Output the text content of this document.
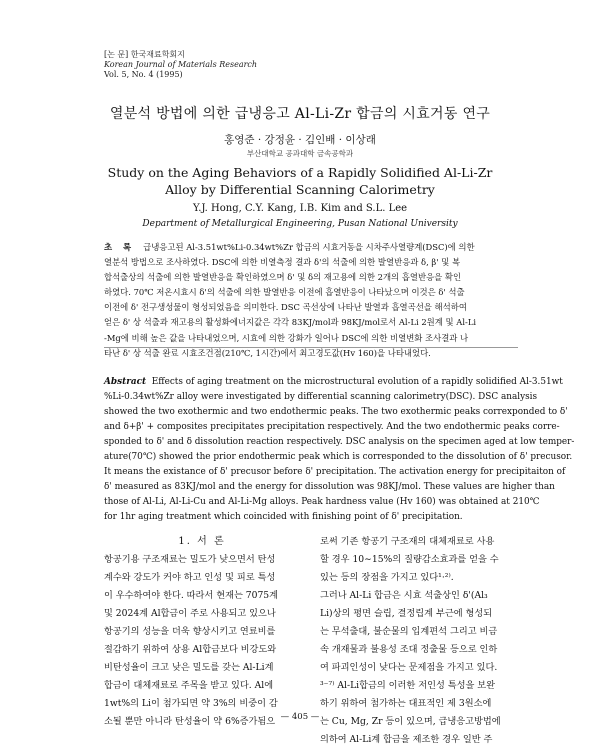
[논 문] 한국재료학회지
Korean Journal of Materials Research
Vol. 5, No. 4 (1995)
열분석 방법에 의한 급냉응고 Al-Li-Zr 합금의 시효거동 연구
홍영준 · 강정윤 · 김인배 · 이상래
부산대학교 공과대학 금속공학과
Study on the Aging Behaviors of a Rapidly Solidified Al-Li-Zr Alloy by Differential Scanning Calorimetry
Y.J. Hong, C.Y. Kang, I.B. Kim and S.L. Lee
Department of Metallurgical Engineering, Pusan National University
초 록 급냉응고된 Al-3.51wt%Li-0.34wt%Zr 합금의 시효거동을 시차주사열량계(DSC)에 의한
열분석 방법으로 조사하였다. DSC에 의한 비열측정 결과 δ'의 석출에 의한 발열반응과 δ, β' 및 복
합석출상의 석출에 의한 발열반응을 확인하였으며 δ' 및 δ의 재고용에 의한 2개의 흡열반응을 확인
하였다. 70℃ 저온시효시 δ'의 석출에 의한 발열반응 이전에 흡열반응이 나타났으며 이것은 δ' 석출
이전에 δ' 전구생성물이 형성되었음을 의미한다. DSC 곡선상에 나타난 발열과 흡열곡선을 해석하여
얻은 δ' 상 석출과 재고용의 활성화에너지값은 각각 83KJ/mol과 98KJ/mol로서 Al-Li 2원계 및 Al-Li
-Mg에 비해 높은 값을 나타내었으며, 시효에 의한 강화가 일어나 DSC에 의한 비열변화 조사결과 나
타난 δ' 상 석출 완료 시효조건점(210℃, 1시간)에서 최고경도값(Hv 160)을 나타내었다.
Abstract Effects of aging treatment on the microstructural evolution of a rapidly solidified Al-3.51wt
%Li-0.34wt%Zr alloy were investigated by differential scanning calorimetry(DSC). DSC analysis
showed the two exothermic and two endothermic peaks. The two exothermic peaks correxponded to δ'
and δ+β' + composites precipitates precipitation respectively. And the two endothermic peaks corre-
sponded to δ' and δ dissolution reaction respectively. DSC analysis on the specimen aged at low temper-
ature(70℃) showed the prior endothermic peak which is corresponded to the dissolution of δ' precusor.
It means the existance of δ' precusor before δ' precipitation. The activation energy for precipitaiton of
δ' measured as 83KJ/mol and the energy for dissolution was 98KJ/mol. These values are higher than
those of Al-Li, Al-Li-Cu and Al-Li-Mg alloys. Peak hardness value (Hv 160) was obtained at 210℃
for 1hr aging treatment which coincided with finishing point of δ' precipitation.
1. 서 론
항공기용 구조재료는 밀도가 낮으면서 탄성
계수와 강도가 커야 하고 인성 및 피로 특성
이 우수하여야 한다. 따라서 현재는 7075계
및 2024계 Al합금이 주로 사용되고 있으나
항공기의 성능을 더욱 향상시키고 연료비를
절감하기 위하여 상용 Al합금보다 비강도와
비탄성율이 크고 낮은 밀도를 갖는 Al-Li계
합금이 대체재료로 주목을 받고 있다. Al에
1wt%의 Li이 첨가되면 약 3%의 비중이 감
소될 뿐만 아니라 탄성율이 약 6%증가됨으
로써 기존 항공기 구조재의 대체재료로 사용
할 경우 10∼15%의 질량감소효과를 얻을 수
있는 등의 장점을 가지고 있다¹·²⁾.
그러나 Al-Li 합금은 시효 석출상인 δ'(Al₃
Li)상의 평면 슬립, 결정립계 부근에 형성되
는 무석출대, 불순물의 입계편석 그리고 비금
속 개재물과 불용성 조대 정출물 등으로 인하
여 파괴인성이 낮다는 문제점을 가지고 있다.
³⁻⁷⁾ Al-Li합금의 이러한 저인성 특성을 보완
하기 위하여 첨가하는 대표적인 제 3원소에
는 Cu, Mg, Zr 등이 있으며, 급냉응고방법에
의하여 Al-Li계 합금을 제조한 경우 일반 주
— 405 —
